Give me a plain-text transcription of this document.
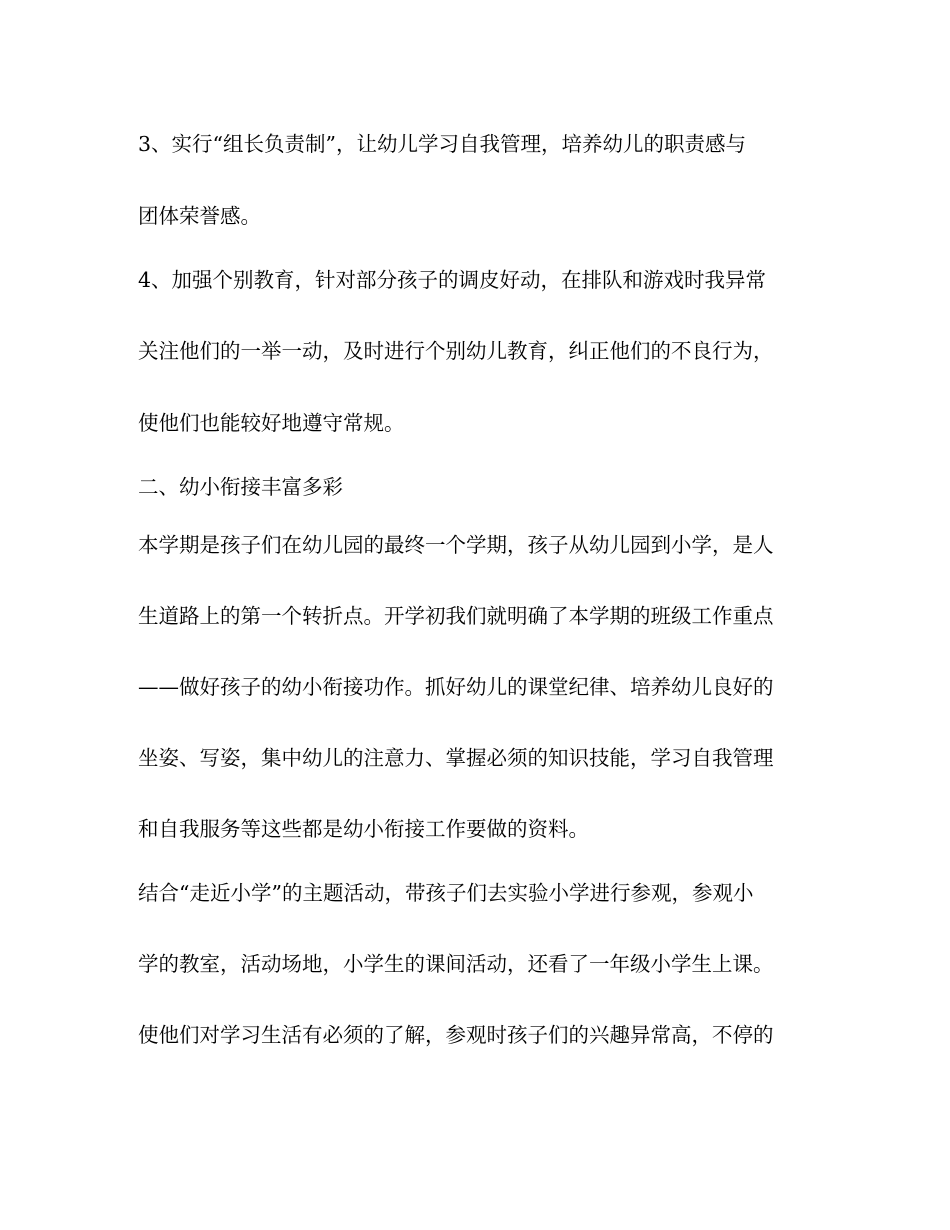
3、实行“组长负责制”，让幼儿学习自我管理，培养幼儿的职责感与
团体荣誉感。
4、加强个别教育，针对部分孩子的调皮好动，在排队和游戏时我异常
关注他们的一举一动，及时进行个别幼儿教育，纠正他们的不良行为，
使他们也能较好地遵守常规。
二、幼小衔接丰富多彩
本学期是孩子们在幼儿园的最终一个学期，孩子从幼儿园到小学，是人
生道路上的第一个转折点。开学初我们就明确了本学期的班级工作重点
——做好孩子的幼小衔接功作。抓好幼儿的课堂纪律、培养幼儿良好的
坐姿、写姿，集中幼儿的注意力、掌握必须的知识技能，学习自我管理
和自我服务等这些都是幼小衔接工作要做的资料。
结合“走近小学”的主题活动，带孩子们去实验小学进行参观，参观小
学的教室，活动场地，小学生的课间活动，还看了一年级小学生上课。
使他们对学习生活有必须的了解，参观时孩子们的兴趣异常高，不停的
